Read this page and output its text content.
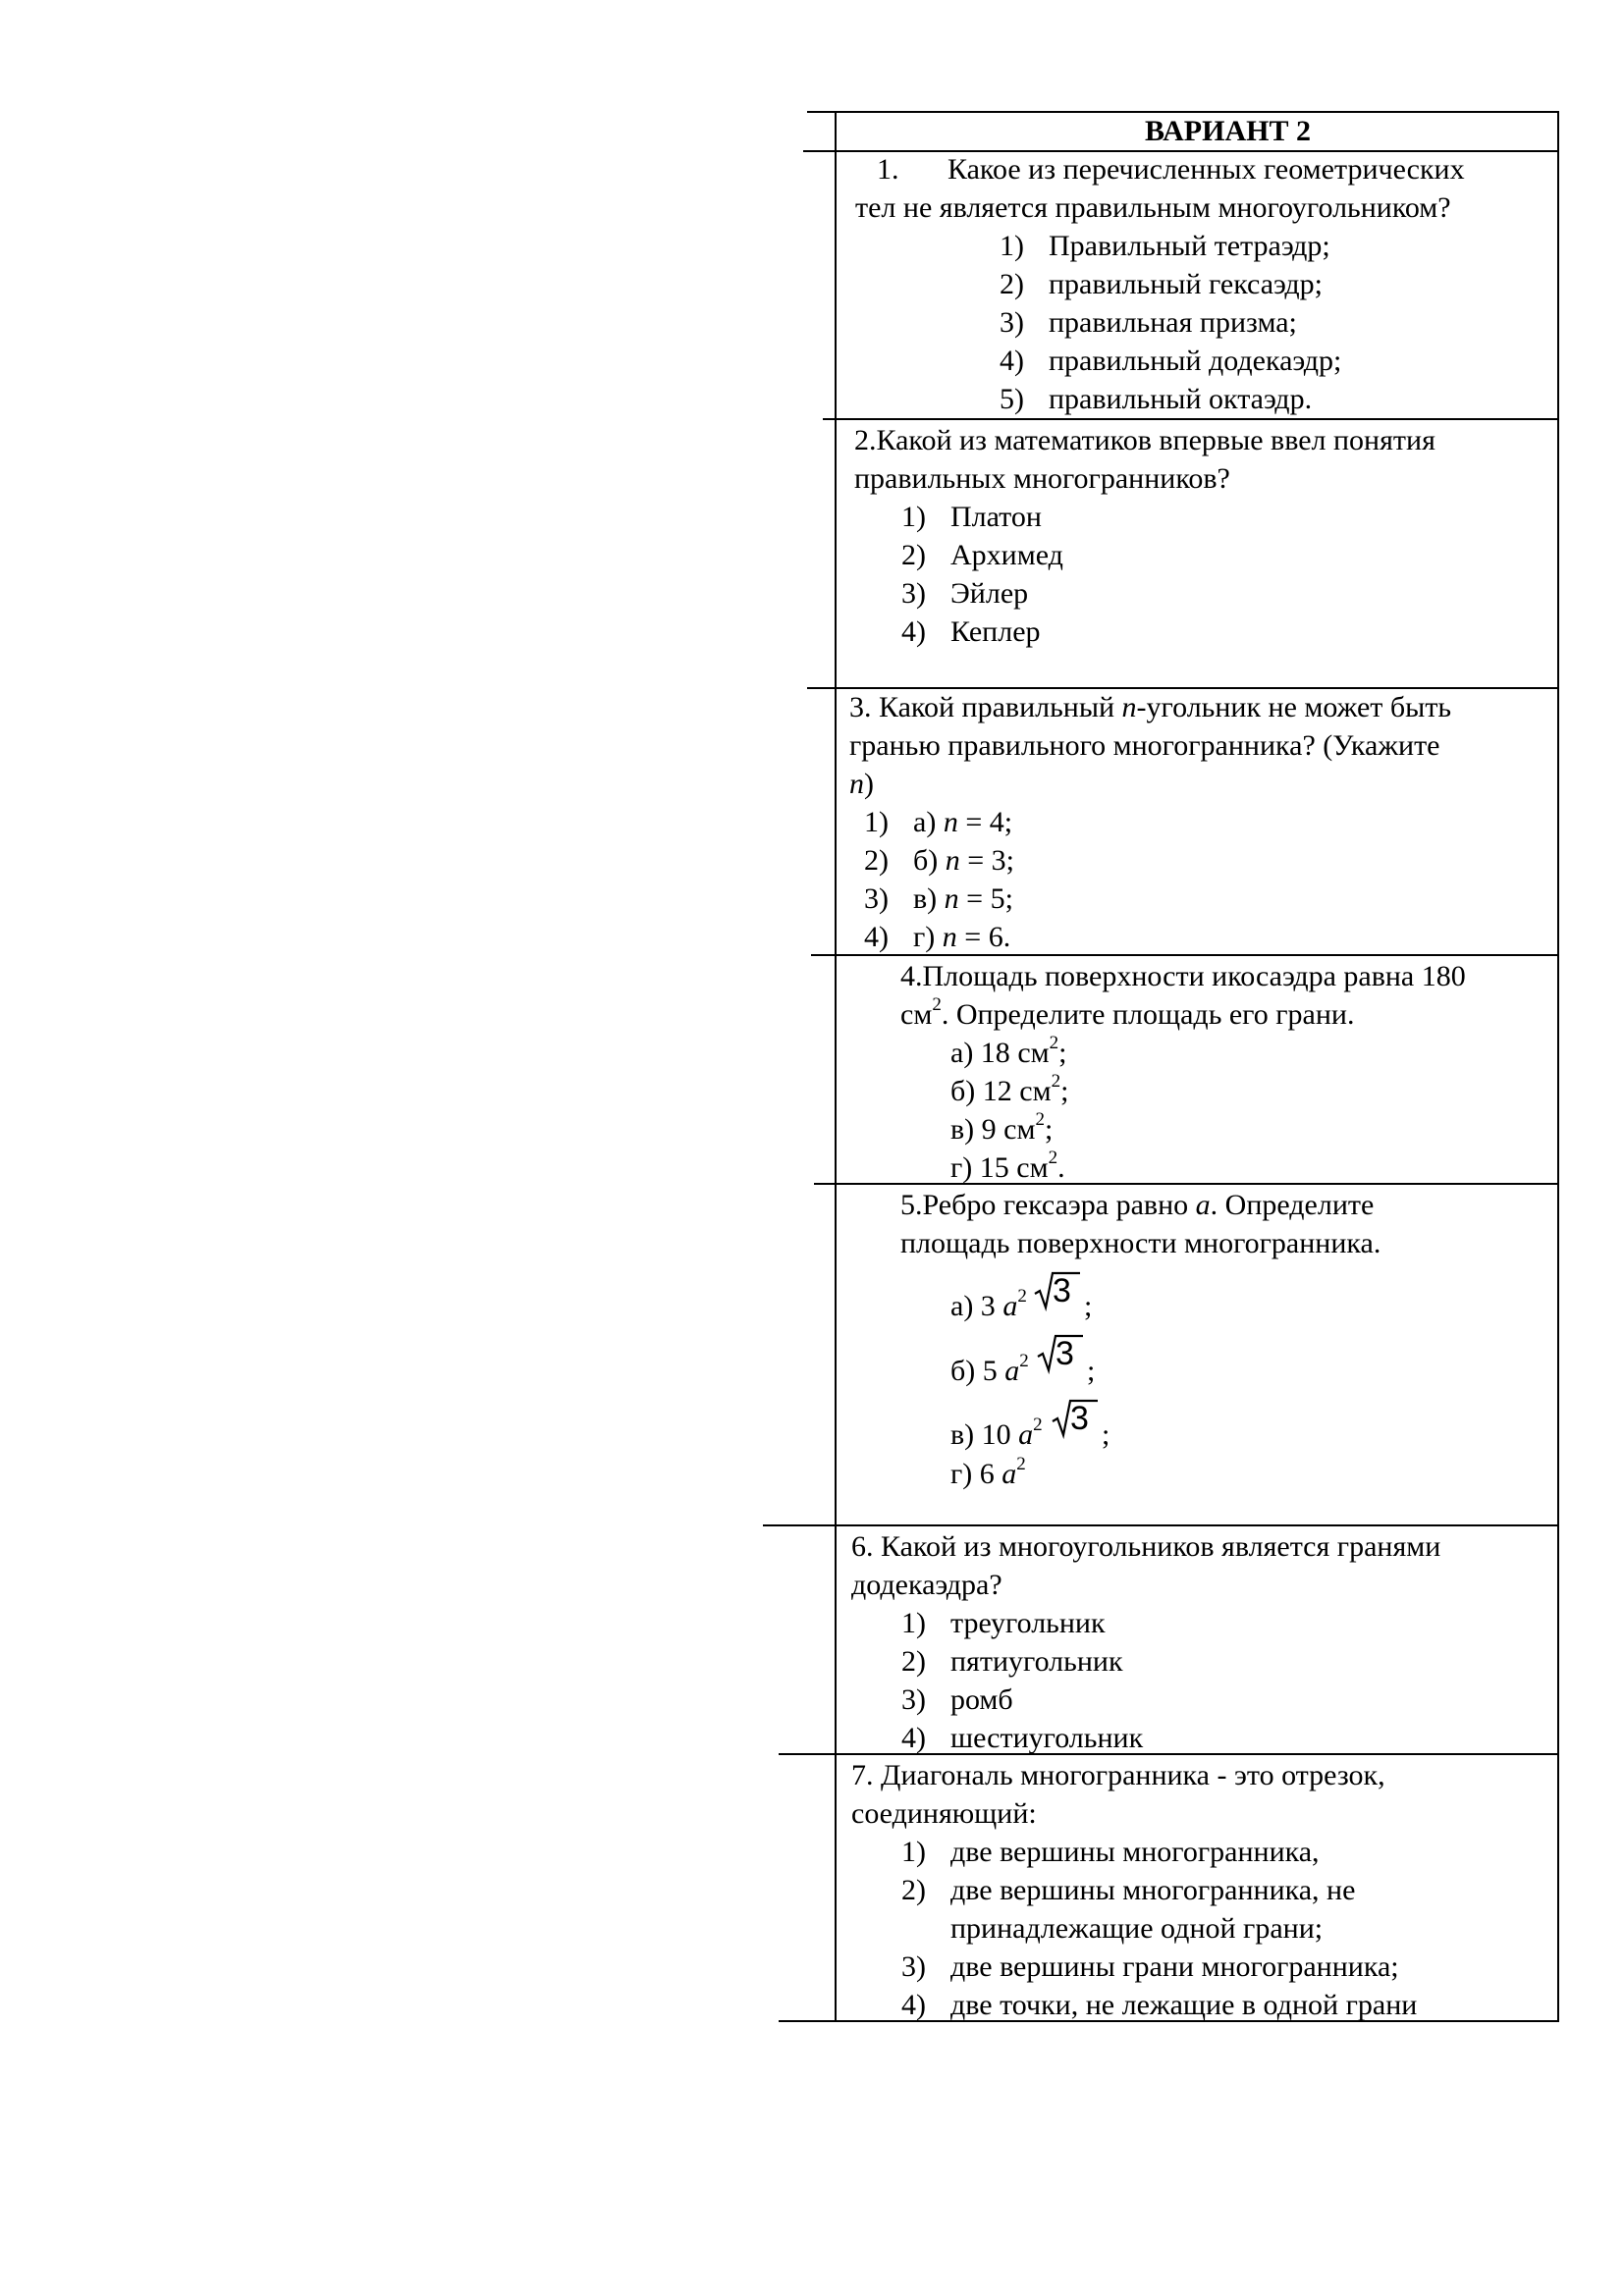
ВАРИАНТ 2
1. Какое из перечисленных геометрических
тел не является правильным многоугольником?
1) Правильный тетраэдр;
2) правильный гексаэдр;
3) правильная призма;
4) правильный додекаэдр;
5) правильный октаэдр.
2.Какой из математиков впервые ввел понятия
правильных многогранников?
1) Платон
2) Архимед
3) Эйлер
4) Кеплер
3. Какой правильный n-угольник не может быть
гранью правильного многогранника? (Укажите
n)
1) а) n = 4;
2) б) n = 3;
3) в) n = 5;
4) г) n = 6.
4.Площадь поверхности икосаэдра равна 180
$см^2$. Определите площадь его грани.
а) 18 $см^2$;
б) 12 $см^2$;
в) 9 $см^2$;
г) 15 $см^2$.
5.Ребро гексаэра равно а. Определите
площадь поверхности многогранника.
а) 3 $a^2$ 3 ;
б) 5 $a^2$ 3 ;
в) 10 $a^2$ 3 ;
г) 6 $a^2$
6. Какой из многоугольников является гранями
додекаэдра?
1) треугольник
2) пятиугольник
3) ромб
4) шестиугольник
7. Диагональ многогранника - это отрезок,
соединяющий:
1) две вершины многогранника,
2) две вершины многогранника, не
принадлежащие одной грани;
3) две вершины грани многогранника;
4) две точки, не лежащие в одной грани
